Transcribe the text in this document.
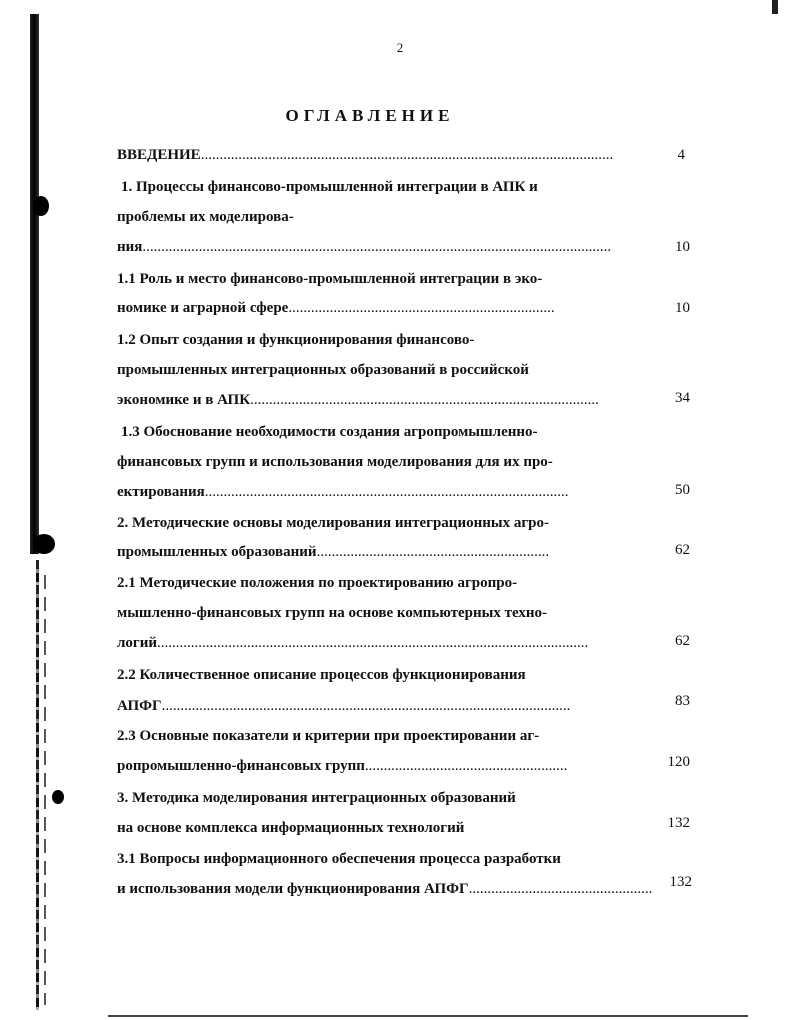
2
ОГЛАВЛЕНИЕ
ВВЕДЕНИЕ..............................................................................................................	4
1. Процессы финансово-промышленной интеграции в АПК и
проблемы их моделирова-
ния.............................................................................................................................	10
1.1 Роль и место финансово-промышленной интеграции в эко-
номике и аграрной сфере.......................................................................	10
1.2 Опыт создания и функционирования финансово-
промышленных интеграционных образований в российской
экономике и в АПК.............................................................................................	34
1.3 Обоснование необходимости создания агропромышленно-
финансовых групп и использования моделирования для их про-
ектирования.................................................................................................	50
2. Методические основы моделирования интеграционных агро-
промышленных образований..............................................................	62
2.1 Методические положения по проектированию агропро-
мышленно-финансовых групп на основе компьютерных техно-
логий...................................................................................................................	62
2.2 Количественное описание процессов функционирования
АПФГ.............................................................................................................	83
2.3 Основные показатели и критерии при проектировании аг-
ропромышленно-финансовых групп......................................................	120
3. Методика моделирования интеграционных образований
на основе комплекса информационных технологий	132
3.1 Вопросы информационного обеспечения процесса разработки
и использования модели функционирования АПФГ.................................................	132
